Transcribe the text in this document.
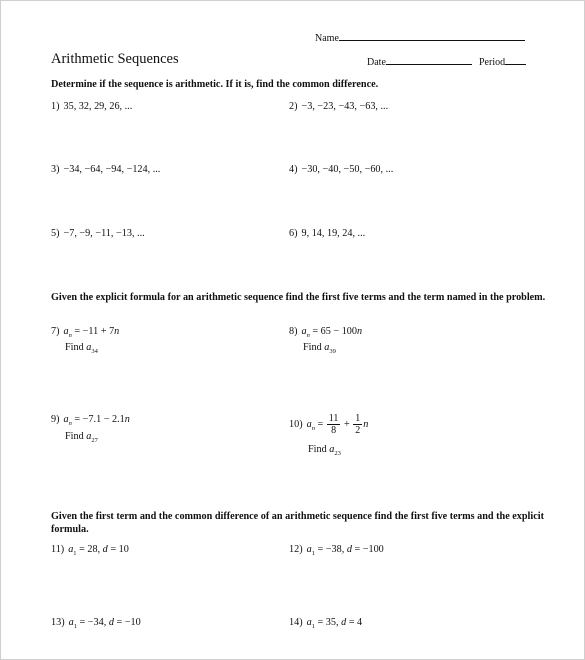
Name
Arithmetic Sequences	Date	Period
Determine if the sequence is arithmetic. If it is, find the common difference.
1) 35, 32, 29, 26, ...	2) −3, −23, −43, −63, ...
3) −34, −64, −94, −124, ...	4) −30, −40, −50, −60, ...
5) −7, −9, −11, −13, ...	6) 9, 14, 19, 24, ...
Given the explicit formula for an arithmetic sequence find the first five terms and the term named in the problem.
7) $a_n = -11 + 7n$
Find $a_{34}$
8) $a_n = 65 - 100n$
Find $a_{39}$
9) $a_n = -7.1 - 2.1n$
Find $a_{27}$
10) $a_n = \frac{11}{8} + \frac{1}{2}$ n
Find $a_{23}$
Given the first term and the common difference of an arithmetic sequence find the first five terms and the explicit formula.
11) $a_1 = 28$, d = 10	12) $a_1 = -38$, d = −100
13) $a_1 = -34$, d = −10	14) $a_1 = 35$, d = 4
